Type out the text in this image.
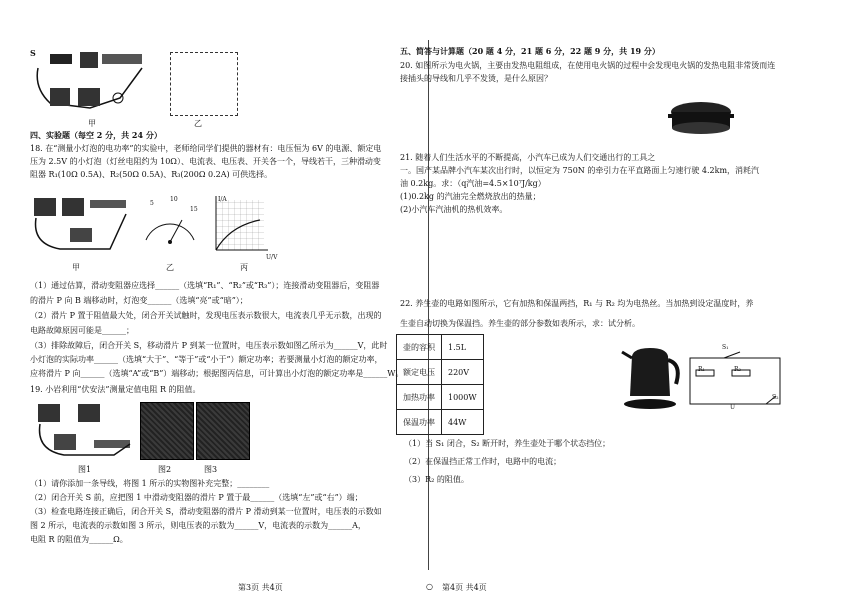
S
甲	乙
四、实验题（每空 2 分，共 24 分）
18. 在“测量小灯泡的电功率”的实验中，老师给同学们提供的器材有：电压恒为 6V 的电源、额定电
压为 2.5V 的小灯泡（灯丝电阻约为 10Ω）、电流表、电压表、开关各一个，导线若干，三种滑动变
阻器 R₁(10Ω 0.5A)、R₂(50Ω 0.5A)、R₃(200Ω 0.2A) 可供选择。
5
10
15
I/A
U/V
甲	乙	丙
（1）通过估算，滑动变阻器应选择______（选填“R₁”、“R₂”或“R₃”）；连接滑动变阻器后，变阻器
的滑片 P 向 B 端移动时，灯泡变______（选填“亮”或“暗”）；
（2）滑片 P 置于阻值最大处，闭合开关试触时，发现电压表示数很大，电流表几乎无示数，出现的
电路故障原因可能是______；
（3）排除故障后，闭合开关 S，移动滑片 P 到某一位置时，电压表示数如图乙所示为______V，此时
小灯泡的实际功率______（选填“大于”、“等于”或“小于”）额定功率；若要测量小灯泡的额定功率，
应将滑片 P 向______（选填“A”或“B”）端移动；根据图丙信息，可计算出小灯泡的额定功率是______W。
19. 小岩利用“伏安法”测量定值电阻 R 的阻值。
图1	图2	图3
（1）请你添加一条导线，将图 1 所示的实物图补充完整；________
（2）闭合开关 S 前，应把图 1 中滑动变阻器的滑片 P 置于最______（选填“左”或“右”）端；
（3）检查电路连接正确后，闭合开关 S，滑动变阻器的滑片 P 滑动到某一位置时，电压表的示数如
图 2 所示，电流表的示数如图 3 所示，则电压表的示数为______V，电流表的示数为______A，
电阻 R 的阻值为______Ω。
第3页 共4页	○
五、简答与计算题（20 题 4 分，21 题 6 分，22 题 9 分，共 19 分）
20. 如图所示为电火锅，主要由发热电阻组成，在使用电火锅的过程中会发现电火锅的发热电阻非常烫而连
接插头的导线和几乎不发烫，是什么原因？
21. 随着人们生活水平的不断提高，小汽车已成为人们交通出行的工具之
一。国产某品牌小汽车某次出行时，以恒定为 750N 的牵引力在平直路面上匀速行驶 4.2km，消耗汽
油 0.2kg。求：（q汽油=4.5×10⁷J/kg）
(1)0.2kg 的汽油完全燃烧放出的热量；
(2)小汽车汽油机的热机效率。
22. 养生壶的电路如图所示，它有加热和保温两挡，R₁ 与 R₂ 均为电热丝。当加热到设定温度时，养
生壶自动切换为保温挡。养生壶的部分参数如表所示，求：试分析。
壶的容积	1.5L
额定电压	220V
加热功率	1000W
保温功率	44W
S₁
R₁	R₂
S₂
U
（1）当 S₁ 闭合，S₂ 断开时，养生壶处于哪个状态挡位；
（2）在保温挡正常工作时，电路中的电流；
（3）R₂ 的阻值。
第4页 共4页
